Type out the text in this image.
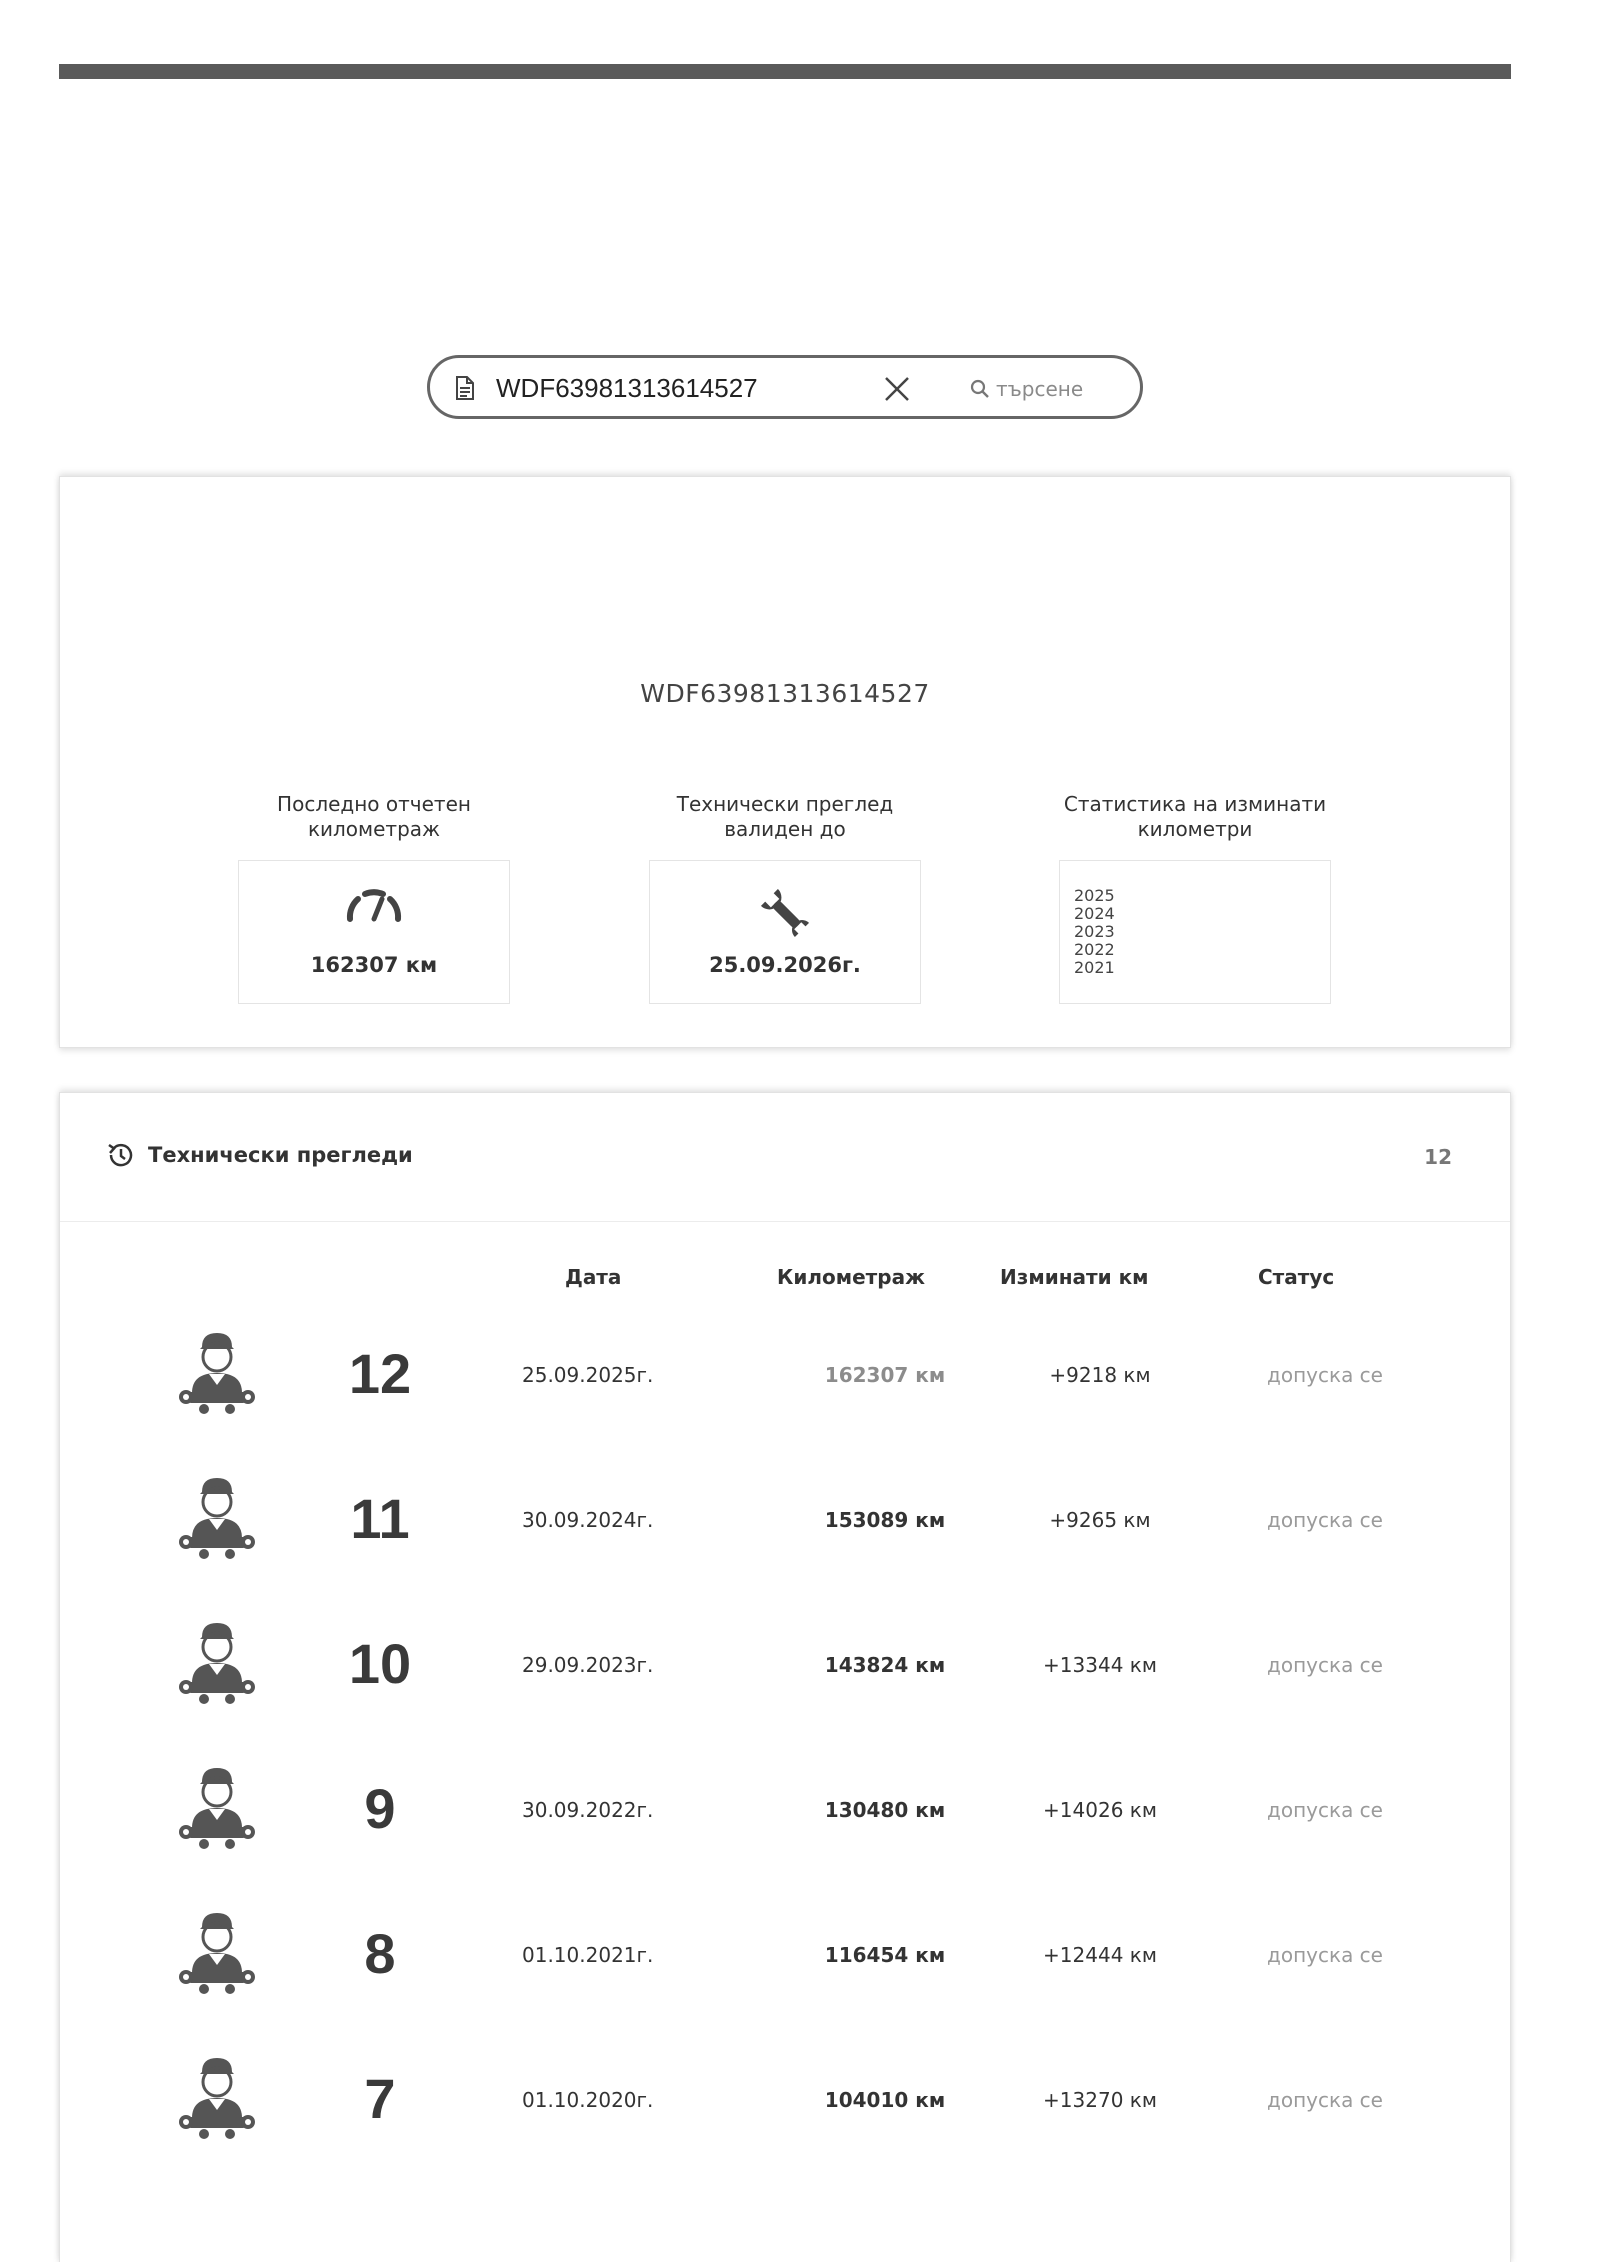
WDF63981313614527
търсене
WDF63981313614527
Последно отчетен километраж
162307 км
Технически преглед валиден до
25.09.2026г.
Статистика на изминати километри
2025
2024
2023
2022
2021
Технически прегледи	12
Дата	Километраж	Изминати км	Статус
12	25.09.2025г.	162307 км	+9218 км	допуска се
11	30.09.2024г.	153089 км	+9265 км	допуска се
10	29.09.2023г.	143824 км	+13344 км	допуска се
9	30.09.2022г.	130480 км	+14026 км	допуска се
8	01.10.2021г.	116454 км	+12444 км	допуска се
7	01.10.2020г.	104010 км	+13270 км	допуска се
